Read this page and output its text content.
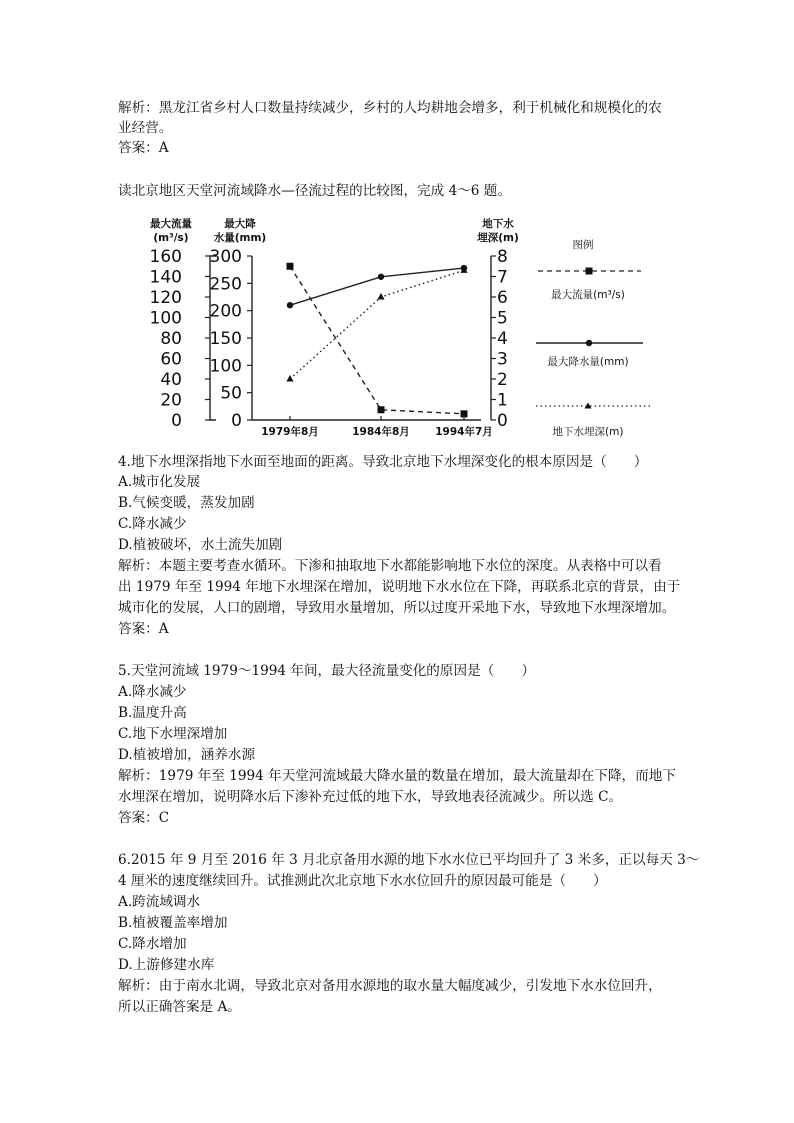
解析：黑龙江省乡村人口数量持续减少，乡村的人均耕地会增多，利于机械化和规模化的农

业经营。

答案：A

读北京地区天堂河流域降水—径流过程的比较图，完成 4～6 题。

最大流量
(m³/s)
最大降
水量(mm)
地下水
埋深(m)
160
140
120
100
80
60
40
20
0
300
250
200
150
100
50
0
8
7
6
5
4
3
2
1
0
1979年8月	1984年8月 1994年7月
图例
最大流量(m³/s)
最大降水量(mm)
地下水埋深(m)

4.地下水埋深指地下水面至地面的距离。导致北京地下水埋深变化的根本原因是（　　）

A.城市化发展

B.气候变暖，蒸发加剧

C.降水减少

D.植被破坏，水土流失加剧

解析：本题主要考查水循环。下渗和抽取地下水都能影响地下水位的深度。从表格中可以看

出 1979 年至 1994 年地下水埋深在增加，说明地下水水位在下降，再联系北京的背景，由于

城市化的发展，人口的剧增，导致用水量增加，所以过度开采地下水，导致地下水埋深增加。

答案：A

5.天堂河流域 1979～1994 年间，最大径流量变化的原因是（　　）

A.降水减少

B.温度升高

C.地下水埋深增加

D.植被增加，涵养水源

解析：1979 年至 1994 年天堂河流域最大降水量的数量在增加，最大流量却在下降，而地下

水埋深在增加，说明降水后下渗补充过低的地下水，导致地表径流减少。所以选 C。

答案：C

6.2015 年 9 月至 2016 年 3 月北京备用水源的地下水水位已平均回升了 3 米多，正以每天 3～

4 厘米的速度继续回升。试推测此次北京地下水水位回升的原因最可能是（　　）

A.跨流域调水

B.植被覆盖率增加

C.降水增加

D.上游修建水库

解析：由于南水北调，导致北京对备用水源地的取水量大幅度减少，引发地下水水位回升，

所以正确答案是 A。
